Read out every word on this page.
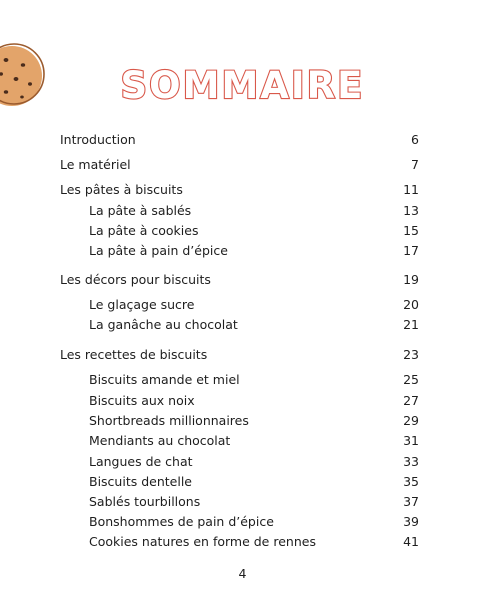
SOMMAIRE
Introduction	6
Le matériel	7
Les pâtes à biscuits	11
La pâte à sablés	13
La pâte à cookies	15
La pâte à pain d’épice	17
Les décors pour biscuits	19
Le glaçage sucre	20
La ganâche au chocolat	21
Les recettes de biscuits	23
Biscuits amande et miel	25
Biscuits aux noix	27
Shortbreads millionnaires	29
Mendiants au chocolat	31
Langues de chat	33
Biscuits dentelle	35
Sablés tourbillons	37
Bonshommes de pain d’épice	39
Cookies natures en forme de rennes	41
4
